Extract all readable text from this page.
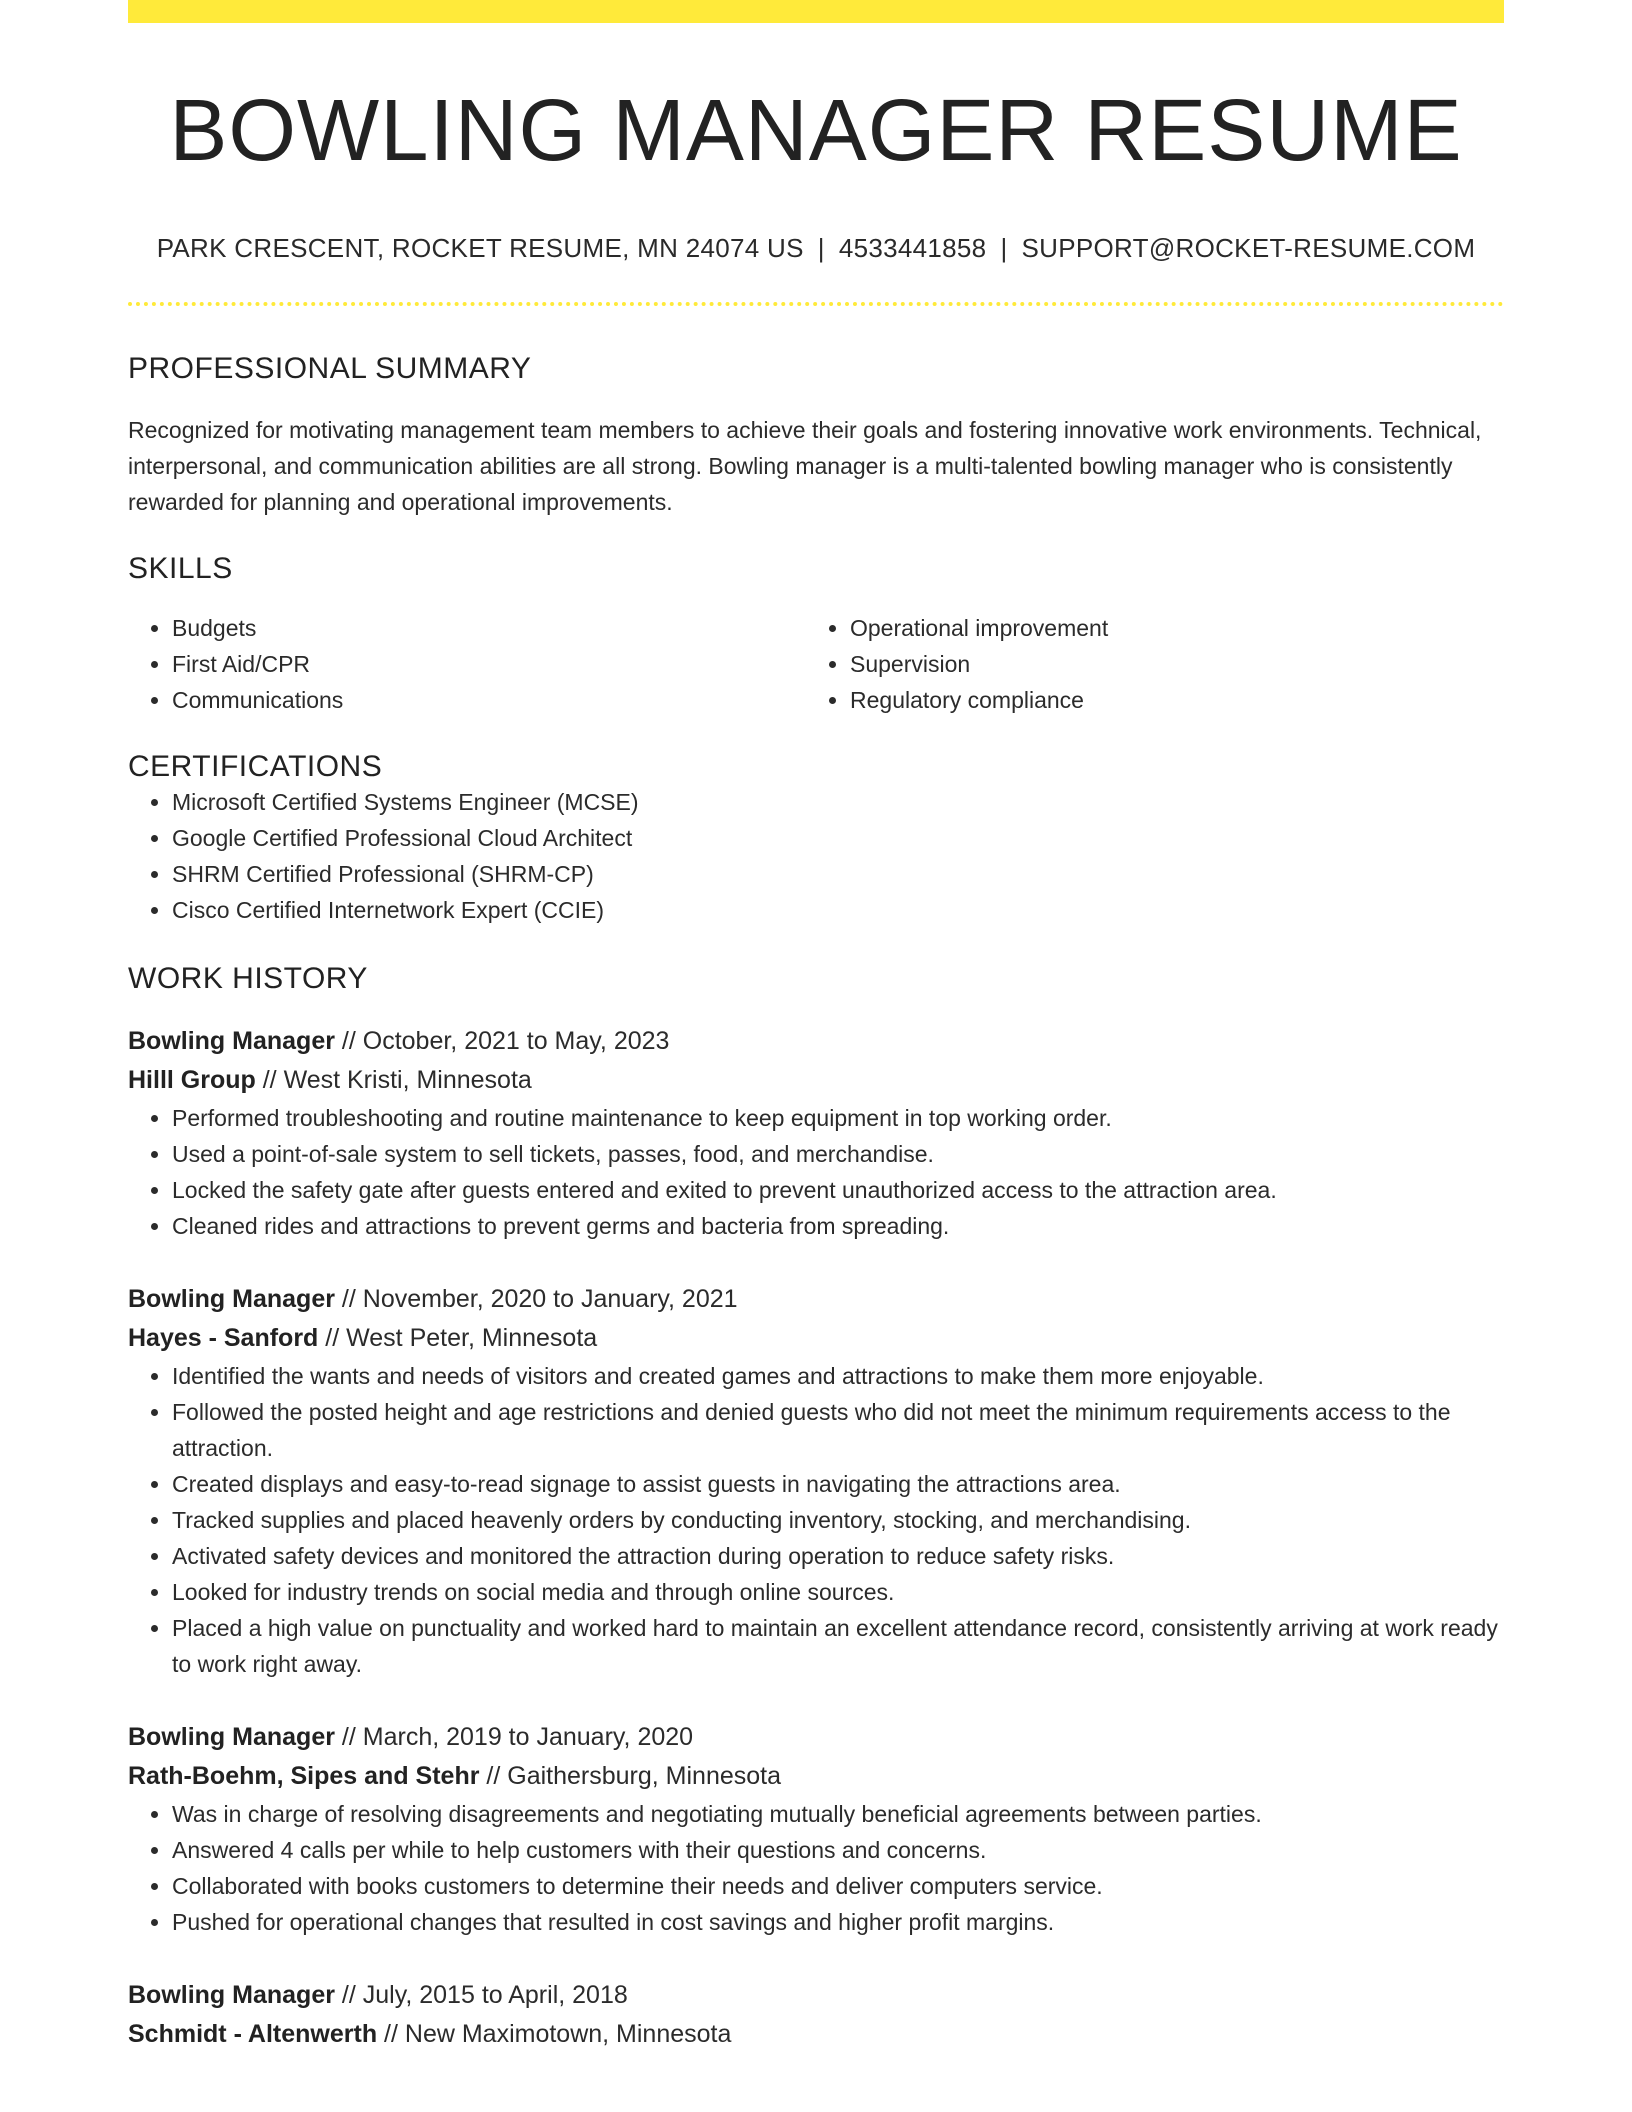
BOWLING MANAGER RESUME
PARK CRESCENT, ROCKET RESUME, MN 24074 US | 4533441858 | SUPPORT@ROCKET-RESUME.COM
PROFESSIONAL SUMMARY
Recognized for motivating management team members to achieve their goals and fostering innovative work environments. Technical, interpersonal, and communication abilities are all strong. Bowling manager is a multi-talented bowling manager who is consistently rewarded for planning and operational improvements.
SKILLS
• Budgets
• First Aid/CPR
• Communications
• Operational improvement
• Supervision
• Regulatory compliance
CERTIFICATIONS
• Microsoft Certified Systems Engineer (MCSE)
• Google Certified Professional Cloud Architect
• SHRM Certified Professional (SHRM-CP)
• Cisco Certified Internetwork Expert (CCIE)
WORK HISTORY
Bowling Manager // October, 2021 to May, 2023
Hilll Group // West Kristi, Minnesota
• Performed troubleshooting and routine maintenance to keep equipment in top working order.
• Used a point-of-sale system to sell tickets, passes, food, and merchandise.
• Locked the safety gate after guests entered and exited to prevent unauthorized access to the attraction area.
• Cleaned rides and attractions to prevent germs and bacteria from spreading.
Bowling Manager // November, 2020 to January, 2021
Hayes - Sanford // West Peter, Minnesota
• Identified the wants and needs of visitors and created games and attractions to make them more enjoyable.
• Followed the posted height and age restrictions and denied guests who did not meet the minimum requirements access to the attraction.
• Created displays and easy-to-read signage to assist guests in navigating the attractions area.
• Tracked supplies and placed heavenly orders by conducting inventory, stocking, and merchandising.
• Activated safety devices and monitored the attraction during operation to reduce safety risks.
• Looked for industry trends on social media and through online sources.
• Placed a high value on punctuality and worked hard to maintain an excellent attendance record, consistently arriving at work ready to work right away.
Bowling Manager // March, 2019 to January, 2020
Rath-Boehm, Sipes and Stehr // Gaithersburg, Minnesota
• Was in charge of resolving disagreements and negotiating mutually beneficial agreements between parties.
• Answered 4 calls per while to help customers with their questions and concerns.
• Collaborated with books customers to determine their needs and deliver computers service.
• Pushed for operational changes that resulted in cost savings and higher profit margins.
Bowling Manager // July, 2015 to April, 2018
Schmidt - Altenwerth // New Maximotown, Minnesota
